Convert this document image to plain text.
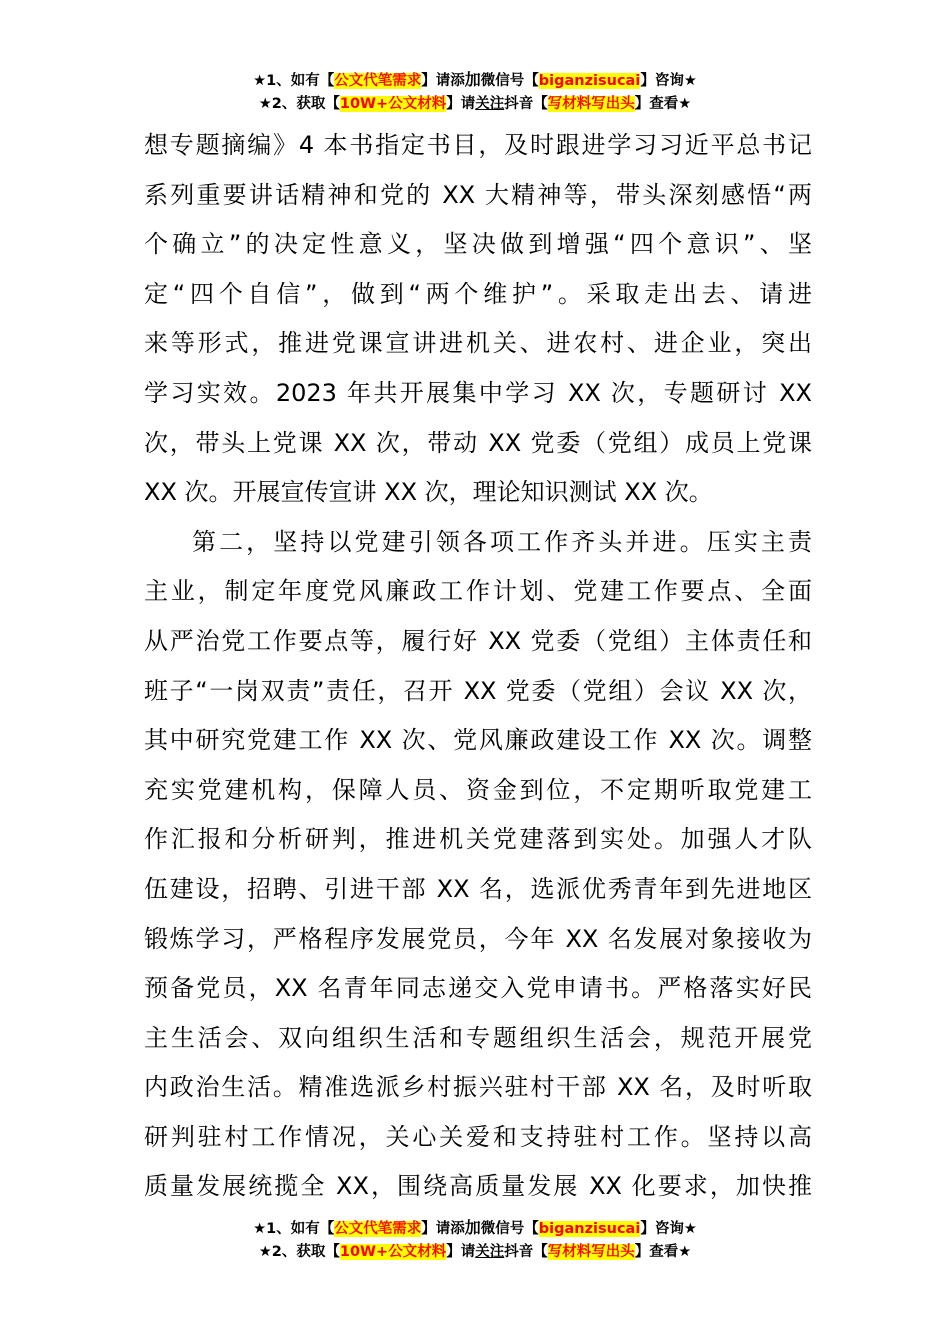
★1、如有【公文代笔需求】请添加微信号【biganzisucai】咨询★
★2、获取【10W+公文材料】请关注抖音【写材料写出头】查看★
想专题摘编》4 本书指定书目，及时跟进学习习近平总书记
系列重要讲话精神和党的 XX 大精神等，带头深刻感悟“两
个确立”的决定性意义，坚决做到增强“四个意识”、坚
定“四个自信”，做到“两个维护”。采取走出去、请进
来等形式，推进党课宣讲进机关、进农村、进企业，突出
学习实效。2023 年共开展集中学习 XX 次，专题研讨 XX
次，带头上党课 XX 次，带动 XX 党委（党组）成员上党课
XX 次。开展宣传宣讲 XX 次，理论知识测试 XX 次。
第二，坚持以党建引领各项工作齐头并进。压实主责
主业，制定年度党风廉政工作计划、党建工作要点、全面
从严治党工作要点等，履行好 XX 党委（党组）主体责任和
班子“一岗双责”责任，召开 XX 党委（党组）会议 XX 次，
其中研究党建工作 XX 次、党风廉政建设工作 XX 次。调整
充实党建机构，保障人员、资金到位，不定期听取党建工
作汇报和分析研判，推进机关党建落到实处。加强人才队
伍建设，招聘、引进干部 XX 名，选派优秀青年到先进地区
锻炼学习，严格程序发展党员，今年 XX 名发展对象接收为
预备党员，XX 名青年同志递交入党申请书。严格落实好民
主生活会、双向组织生活和专题组织生活会，规范开展党
内政治生活。精准选派乡村振兴驻村干部 XX 名，及时听取
研判驻村工作情况，关心关爱和支持驻村工作。坚持以高
质量发展统揽全 XX，围绕高质量发展 XX 化要求，加快推
★1、如有【公文代笔需求】请添加微信号【biganzisucai】咨询★
★2、获取【10W+公文材料】请关注抖音【写材料写出头】查看★
